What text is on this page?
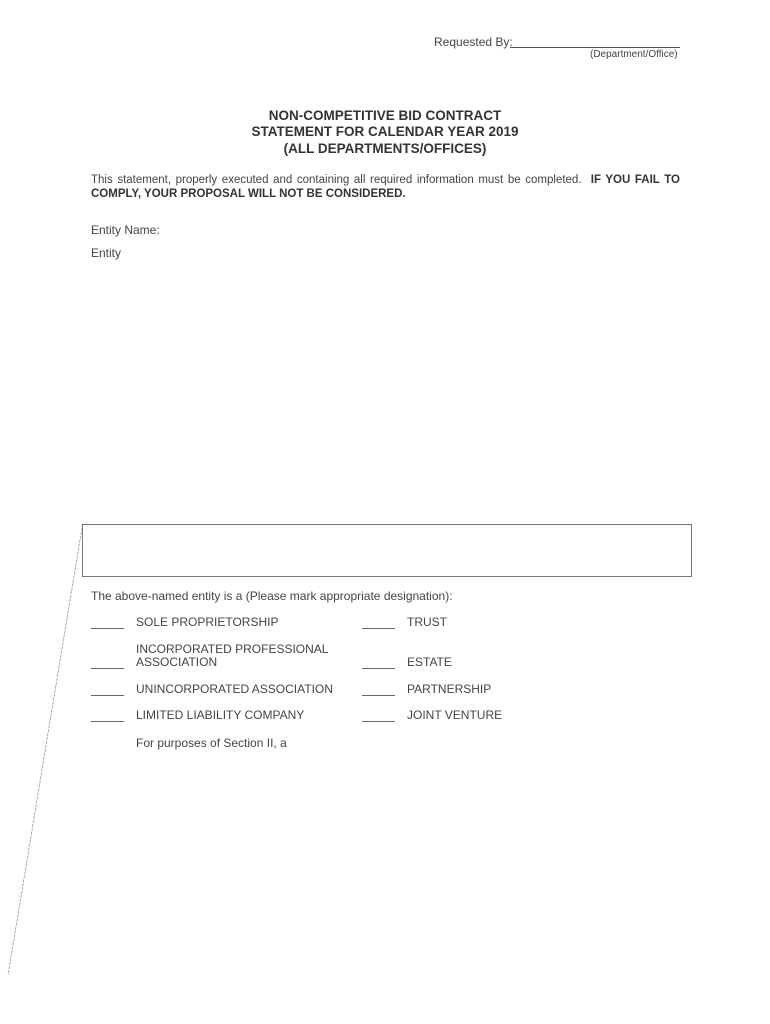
Requested By:
(Department/Office)
NON-COMPETITIVE BID CONTRACT
STATEMENT FOR CALENDAR YEAR 2019
(ALL DEPARTMENTS/OFFICES)
This statement, properly executed and containing all required information must be completed. IF YOU FAIL TO COMPLY, YOUR PROPOSAL WILL NOT BE CONSIDERED.
Entity Name:
Entity
The above-named entity is a (Please mark appropriate designation):
SOLE PROPRIETORSHIP
INCORPORATED PROFESSIONAL
ASSOCIATION
UNINCORPORATED ASSOCIATION
LIMITED LIABILITY COMPANY
TRUST
ESTATE
PARTNERSHIP
JOINT VENTURE
For purposes of Section II, a
